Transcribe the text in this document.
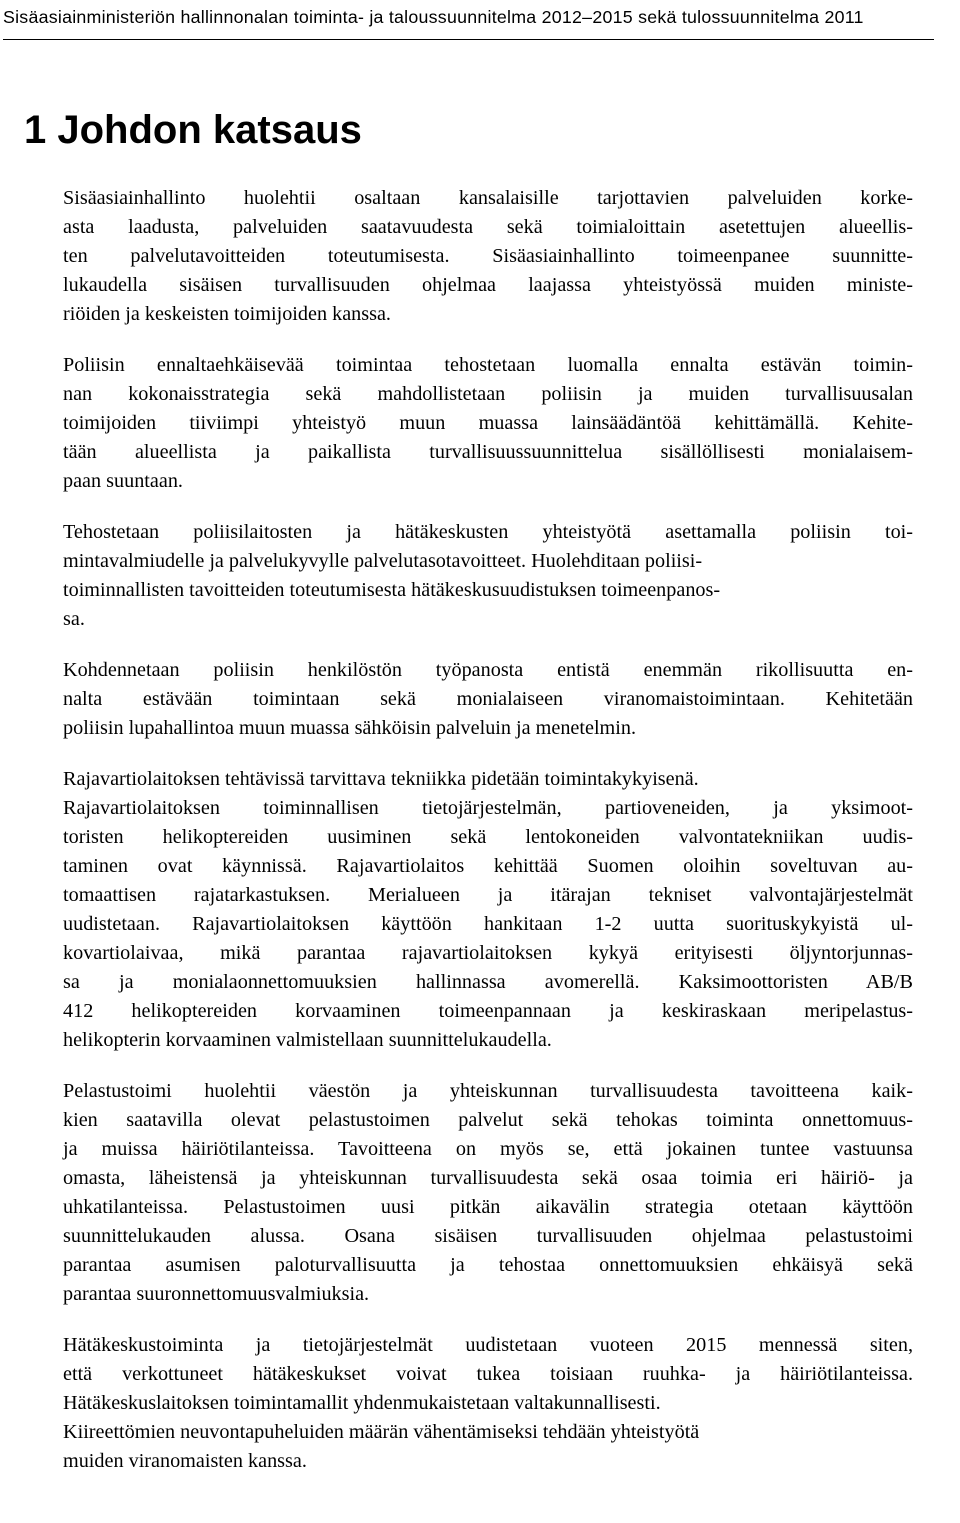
Sisäasiainministeriön hallinnonalan toiminta- ja taloussuunnitelma 2012–2015 sekä tulossuunnitelma 2011
1 Johdon katsaus

Sisäasiainhallinto huolehtii osaltaan kansalaisille tarjottavien palveluiden korke-
asta laadusta, palveluiden saatavuudesta sekä toimialoittain asetettujen alueellis-
ten palvelutavoitteiden toteutumisesta. Sisäasiainhallinto toimeenpanee suunnitte-
lukaudella sisäisen turvallisuuden ohjelmaa laajassa yhteistyössä muiden ministe-
riöiden ja keskeisten toimijoiden kanssa.

Poliisin ennaltaehkäisevää toimintaa tehostetaan luomalla ennalta estävän toimin-
nan kokonaisstrategia sekä mahdollistetaan poliisin ja muiden turvallisuusalan
toimijoiden tiiviimpi yhteistyö muun muassa lainsäädäntöä kehittämällä. Kehite-
tään alueellista ja paikallista turvallisuussuunnittelua sisällöllisesti monialaisem-
paan suuntaan.

Tehostetaan poliisilaitosten ja hätäkeskusten yhteistyötä asettamalla poliisin toi-
mintavalmiudelle ja palvelukyvylle palvelutasotavoitteet. Huolehditaan poliisi-
toiminnallisten tavoitteiden toteutumisesta hätäkeskusuudistuksen toimeenpanos-
sa.

Kohdennetaan poliisin henkilöstön työpanosta entistä enemmän rikollisuutta en-
nalta estävään toimintaan sekä monialaiseen viranomaistoimintaan. Kehitetään
poliisin lupahallintoa muun muassa sähköisin palveluin ja menetelmin.

Rajavartiolaitoksen tehtävissä tarvittava tekniikka pidetään toimintakykyisenä.
Rajavartiolaitoksen toiminnallisen tietojärjestelmän, partioveneiden, ja yksimoot-
toristen helikoptereiden uusiminen sekä lentokoneiden valvontatekniikan uudis-
taminen ovat käynnissä. Rajavartiolaitos kehittää Suomen oloihin soveltuvan au-
tomaattisen rajatarkastuksen. Merialueen ja itärajan tekniset valvontajärjestelmät
uudistetaan. Rajavartiolaitoksen käyttöön hankitaan 1-2 uutta suorituskykyistä ul-
kovartiolaivaa, mikä parantaa rajavartiolaitoksen kykyä erityisesti öljyntorjunnas-
sa ja monialaonnettomuuksien hallinnassa avomerellä. Kaksimoottoristen AB/B
412 helikoptereiden korvaaminen toimeenpannaan ja keskiraskaan meripelastus-
helikopterin korvaaminen valmistellaan suunnittelukaudella.

Pelastustoimi huolehtii väestön ja yhteiskunnan turvallisuudesta tavoitteena kaik-
kien saatavilla olevat pelastustoimen palvelut sekä tehokas toiminta onnettomuus-
ja muissa häiriötilanteissa. Tavoitteena on myös se, että jokainen tuntee vastuunsa
omasta, läheistensä ja yhteiskunnan turvallisuudesta sekä osaa toimia eri häiriö- ja
uhkatilanteissa. Pelastustoimen uusi pitkän aikavälin strategia otetaan käyttöön
suunnittelukauden alussa. Osana sisäisen turvallisuuden ohjelmaa pelastustoimi
parantaa asumisen paloturvallisuutta ja tehostaa onnettomuuksien ehkäisyä sekä
parantaa suuronnettomuusvalmiuksia.

Hätäkeskustoiminta ja tietojärjestelmät uudistetaan vuoteen 2015 mennessä siten,
että verkottuneet hätäkeskukset voivat tukea toisiaan ruuhka- ja häiriötilanteissa.
Hätäkeskuslaitoksen toimintamallit yhdenmukaistetaan valtakunnallisesti.
Kiireettömien neuvontapuheluiden määrän vähentämiseksi tehdään yhteistyötä
muiden viranomaisten kanssa.
